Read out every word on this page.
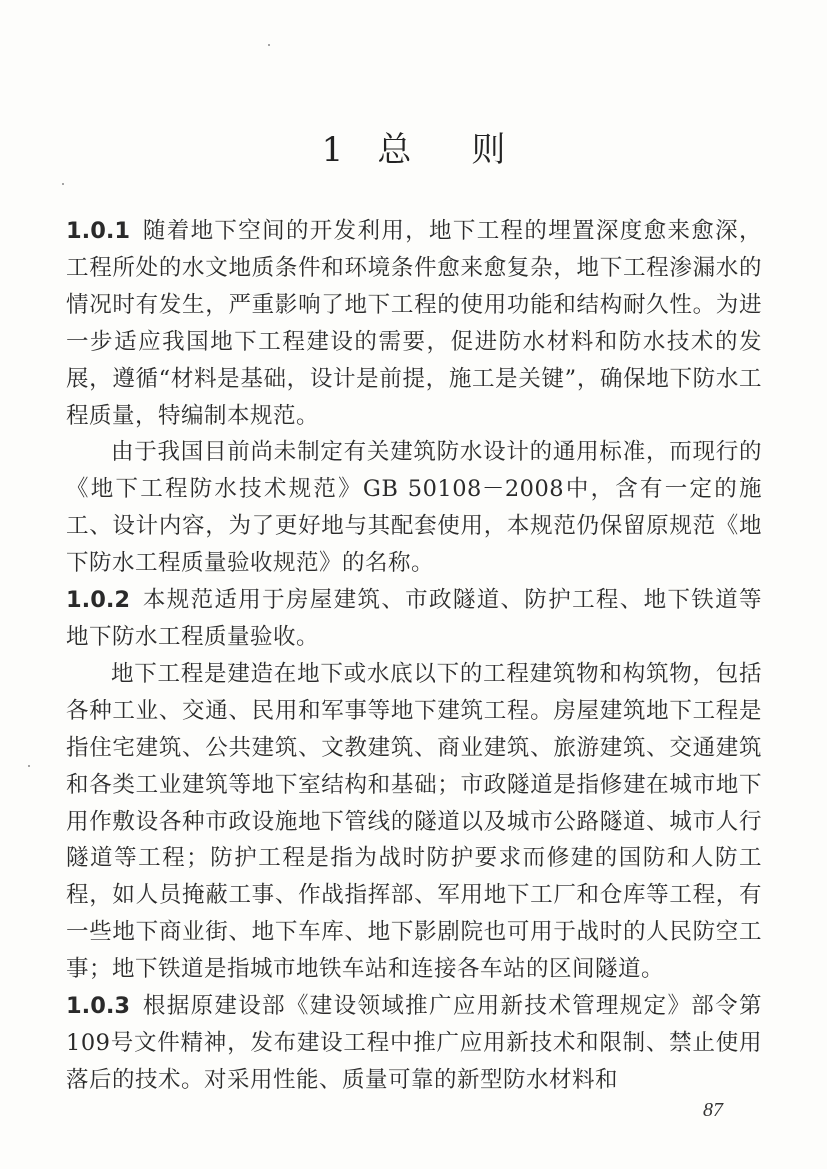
1 总 则

1.0.1 随着地下空间的开发利用，地下工程的埋置深度愈来愈深，工程所处的水文地质条件和环境条件愈来愈复杂，地下工程渗漏水的情况时有发生，严重影响了地下工程的使用功能和结构耐久性。为进一步适应我国地下工程建设的需要，促进防水材料和防水技术的发展，遵循“材料是基础，设计是前提，施工是关键”，确保地下防水工程质量，特编制本规范。

由于我国目前尚未制定有关建筑防水设计的通用标准，而现行的《地下工程防水技术规范》GB 50108－2008中，含有一定的施工、设计内容，为了更好地与其配套使用，本规范仍保留原规范《地下防水工程质量验收规范》的名称。

1.0.2 本规范适用于房屋建筑、市政隧道、防护工程、地下铁道等地下防水工程质量验收。

地下工程是建造在地下或水底以下的工程建筑物和构筑物，包括各种工业、交通、民用和军事等地下建筑工程。房屋建筑地下工程是指住宅建筑、公共建筑、文教建筑、商业建筑、旅游建筑、交通建筑和各类工业建筑等地下室结构和基础；市政隧道是指修建在城市地下用作敷设各种市政设施地下管线的隧道以及城市公路隧道、城市人行隧道等工程；防护工程是指为战时防护要求而修建的国防和人防工程，如人员掩蔽工事、作战指挥部、军用地下工厂和仓库等工程，有一些地下商业街、地下车库、地下影剧院也可用于战时的人民防空工事；地下铁道是指城市地铁车站和连接各车站的区间隧道。

1.0.3 根据原建设部《建设领域推广应用新技术管理规定》部令第109号文件精神，发布建设工程中推广应用新技术和限制、禁止使用落后的技术。对采用性能、质量可靠的新型防水材料和

87
